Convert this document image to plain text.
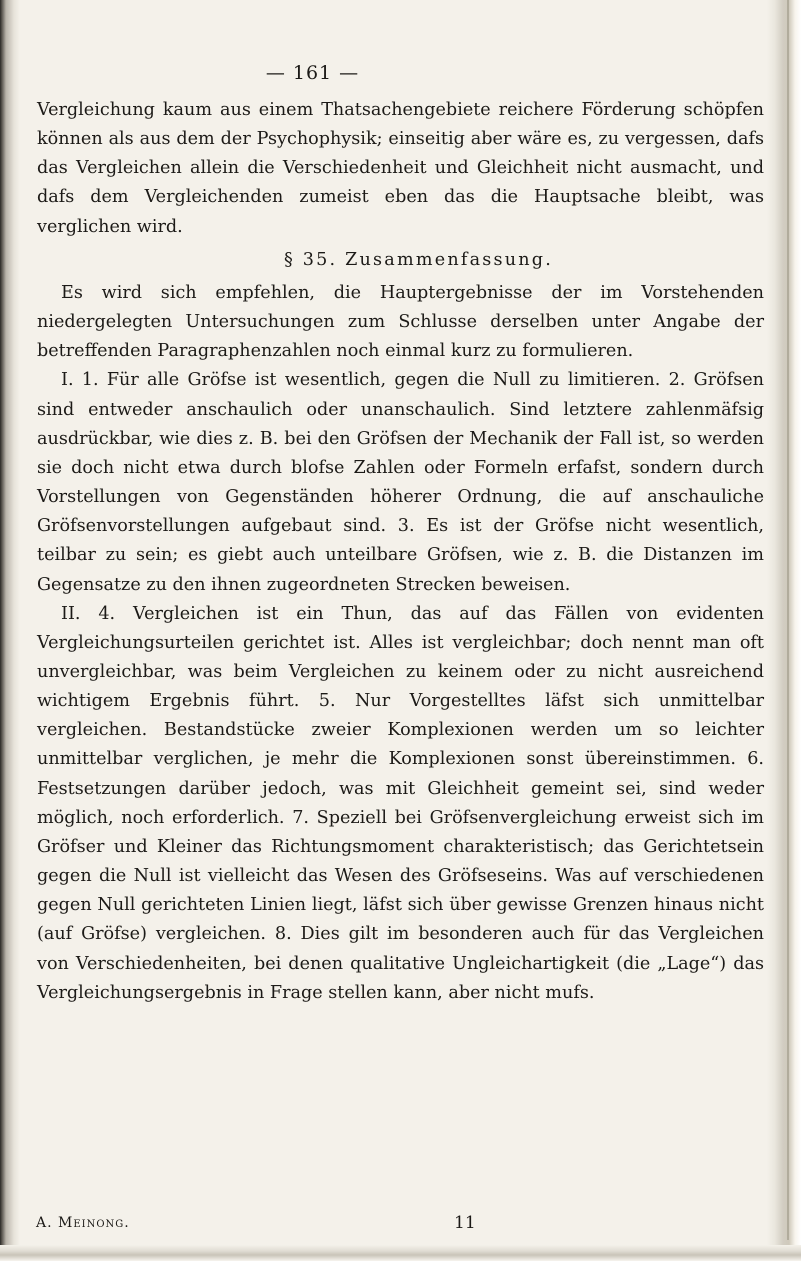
— 161 —

Vergleichung kaum aus einem Thatsachengebiete reichere Förderung schöpfen können als aus dem der Psychophysik; einseitig aber wäre es, zu vergessen, dafs das Vergleichen allein die Verschiedenheit und Gleichheit nicht ausmacht, und dafs dem Vergleichenden zumeist eben das die Hauptsache bleibt, was verglichen wird.

§ 35. Zusammenfassung.

Es wird sich empfehlen, die Hauptergebnisse der im Vorstehenden niedergelegten Untersuchungen zum Schlusse derselben unter Angabe der betreffenden Paragraphenzahlen noch einmal kurz zu formulieren.

I. 1. Für alle Gröfse ist wesentlich, gegen die Null zu limitieren. 2. Gröfsen sind entweder anschaulich oder unanschaulich. Sind letztere zahlenmäfsig ausdrückbar, wie dies z. B. bei den Gröfsen der Mechanik der Fall ist, so werden sie doch nicht etwa durch blofse Zahlen oder Formeln erfafst, sondern durch Vorstellungen von Gegenständen höherer Ordnung, die auf anschauliche Gröfsenvorstellungen aufgebaut sind. 3. Es ist der Gröfse nicht wesentlich, teilbar zu sein; es giebt auch unteilbare Gröfsen, wie z. B. die Distanzen im Gegensatze zu den ihnen zugeordneten Strecken beweisen.

II. 4. Vergleichen ist ein Thun, das auf das Fällen von evidenten Vergleichungsurteilen gerichtet ist. Alles ist vergleichbar; doch nennt man oft unvergleichbar, was beim Vergleichen zu keinem oder zu nicht ausreichend wichtigem Ergebnis führt. 5. Nur Vorgestelltes läfst sich unmittelbar vergleichen. Bestandstücke zweier Komplexionen werden um so leichter unmittelbar verglichen, je mehr die Komplexionen sonst übereinstimmen. 6. Festsetzungen darüber jedoch, was mit Gleichheit gemeint sei, sind weder möglich, noch erforderlich. 7. Speziell bei Gröfsenvergleichung erweist sich im Gröfser und Kleiner das Richtungsmoment charakteristisch; das Gerichtetsein gegen die Null ist vielleicht das Wesen des Gröfseseins. Was auf verschiedenen gegen Null gerichteten Linien liegt, läfst sich über gewisse Grenzen hinaus nicht (auf Gröfse) vergleichen. 8. Dies gilt im besonderen auch für das Vergleichen von Verschiedenheiten, bei denen qualitative Ungleichartigkeit (die „Lage“) das Vergleichungsergebnis in Frage stellen kann, aber nicht mufs.

A. Meinong.	11
